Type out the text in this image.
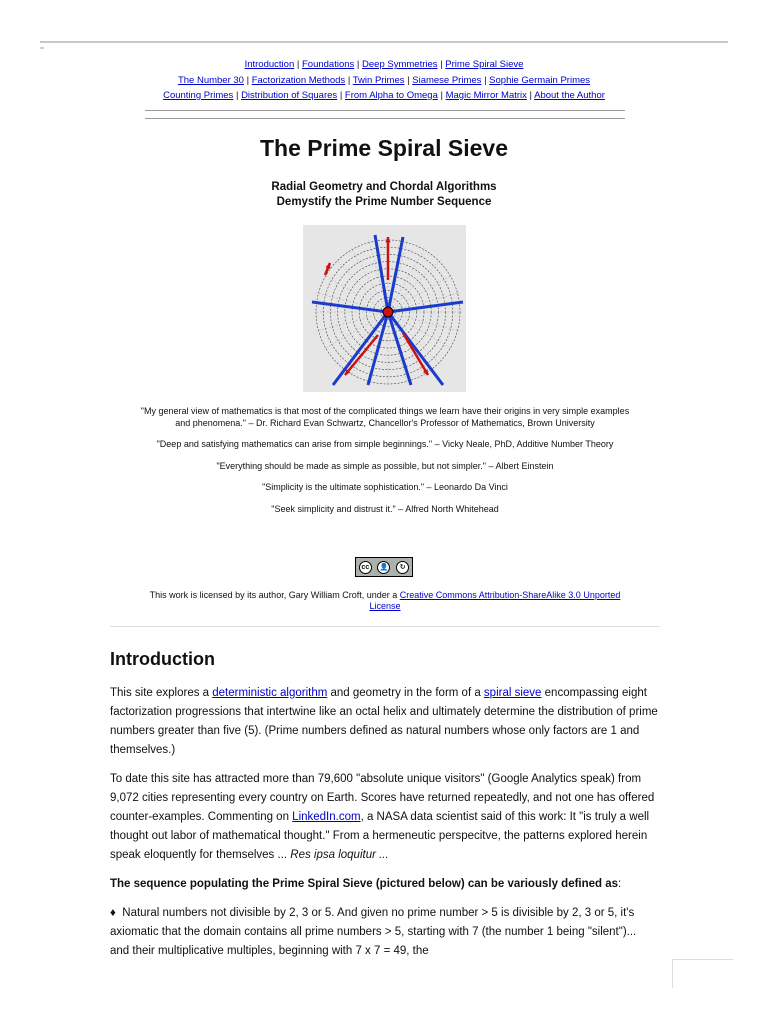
Introduction | Foundations | Deep Symmetries | Prime Spiral Sieve
The Number 30 | Factorization Methods | Twin Primes | Siamese Primes | Sophie Germain Primes
Counting Primes | Distribution of Squares | From Alpha to Omega | Magic Mirror Matrix | About the Author
The Prime Spiral Sieve
Radial Geometry and Chordal Algorithms
Demystify the Prime Number Sequence

"My general view of mathematics is that most of the complicated things we learn have their origins in very simple examples and phenomena." – Dr. Richard Evan Schwartz, Chancellor's Professor of Mathematics, Brown University

"Deep and satisfying mathematics can arise from simple beginnings." – Vicky Neale, PhD, Additive Number Theory

"Everything should be made as simple as possible, but not simpler." – Albert Einstein

"Simplicity is the ultimate sophistication." – Leonardo Da Vinci

"Seek simplicity and distrust it." – Alfred North Whitehead

cc	👤	↻
This work is licensed by its author, Gary William Croft, under a Creative Commons Attribution-ShareAlike 3.0 Unported License
Introduction

This site explores a deterministic algorithm and geometry in the form of a spiral sieve encompassing eight factorization progressions that intertwine like an octal helix and ultimately determine the distribution of prime numbers greater than five (5). (Prime numbers defined as natural numbers whose only factors are 1 and themselves.)

To date this site has attracted more than 79,600 "absolute unique visitors" (Google Analytics speak) from 9,072 cities representing every country on Earth. Scores have returned repeatedly, and not one has offered counter-examples. Commenting on LinkedIn.com, a NASA data scientist said of this work: It "is truly a well thought out labor of mathematical thought." From a hermeneutic perspecitve, the patterns explored herein speak eloquently for themselves ... Res ipsa loquitur ...

The sequence populating the Prime Spiral Sieve (pictured below) can be variously defined as:

♦ Natural numbers not divisible by 2, 3 or 5. And given no prime number > 5 is divisible by 2, 3 or 5, it's axiomatic that the domain contains all prime numbers > 5, starting with 7 (the number 1 being "silent")... and their multiplicative multiples, beginning with 7 x 7 = 49, the
